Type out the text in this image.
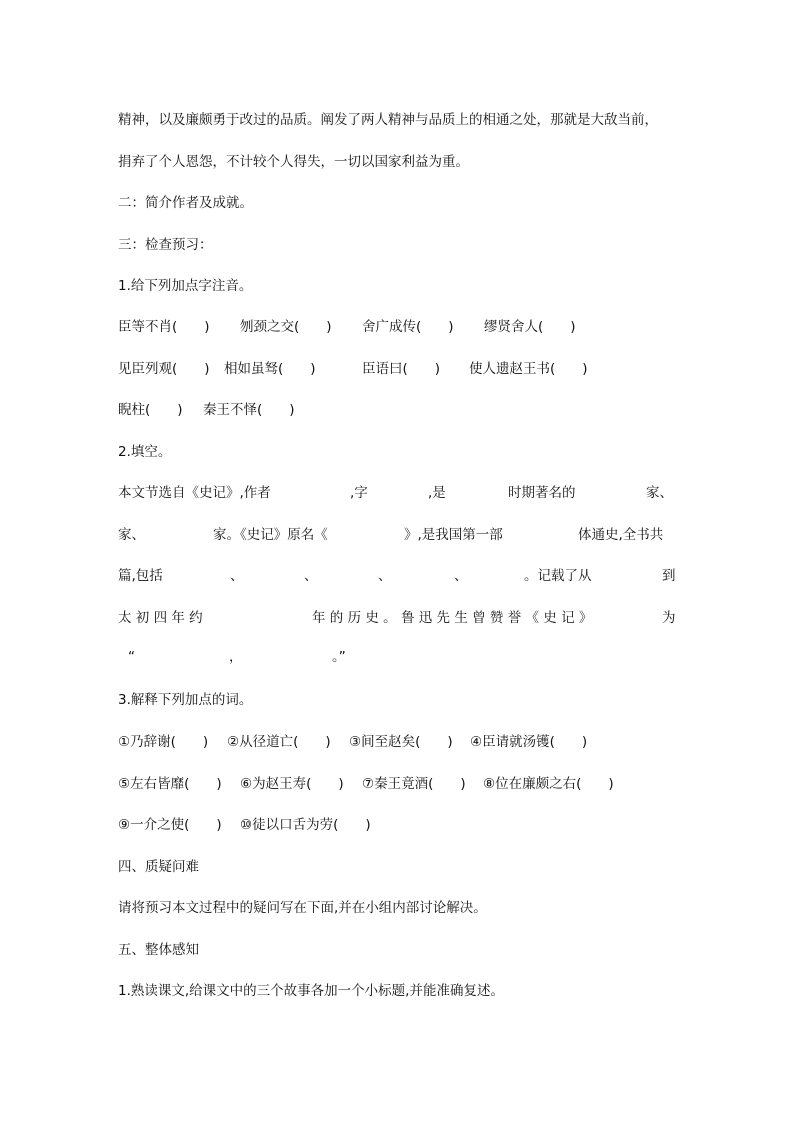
精神，以及廉颇勇于改过的品质。阐发了两人精神与品质上的相通之处，那就是大敌当前，
捐弃了个人恩怨，不计较个人得失，一切以国家利益为重。
二：简介作者及成就。
三：检查预习：
1.给下列加点字注音。
臣等不肖(　　) 刎颈之交(　　) 舍广成传(　　) 缪贤舍人(　　)
见臣列观(　　) 相如虽驽(　　)	臣语曰(　　) 使人遗赵王书(　　)
睨柱(　　) 秦王不怿(　　)
2.填空。
本文节选自《史记》,作者	,字	,是	时期著名的	家、
家、	家。《史记》原名《	》,是我国第一部	体通史,全书共
篇,包括	、	、	、	、	。记载了从	到
太 初 四 年 约	年 的 历 史 。 鲁 迅 先 生 曾 赞 誉 《 史 记 》	为
“	，	。”
3.解释下列加点的词。
①乃辞谢(　　) ②从径道亡(　　) ③间至赵矣(　　) ④臣请就汤镬(　　)
⑤左右皆靡(　　) ⑥为赵王寿(　　) ⑦秦王竟酒(　　) ⑧位在廉颇之右(　　)
⑨一介之使(　　) ⑩徒以口舌为劳(　　)
四、质疑问难
请将预习本文过程中的疑问写在下面,并在小组内部讨论解决。
五、整体感知
1.熟读课文,给课文中的三个故事各加一个小标题,并能准确复述。
